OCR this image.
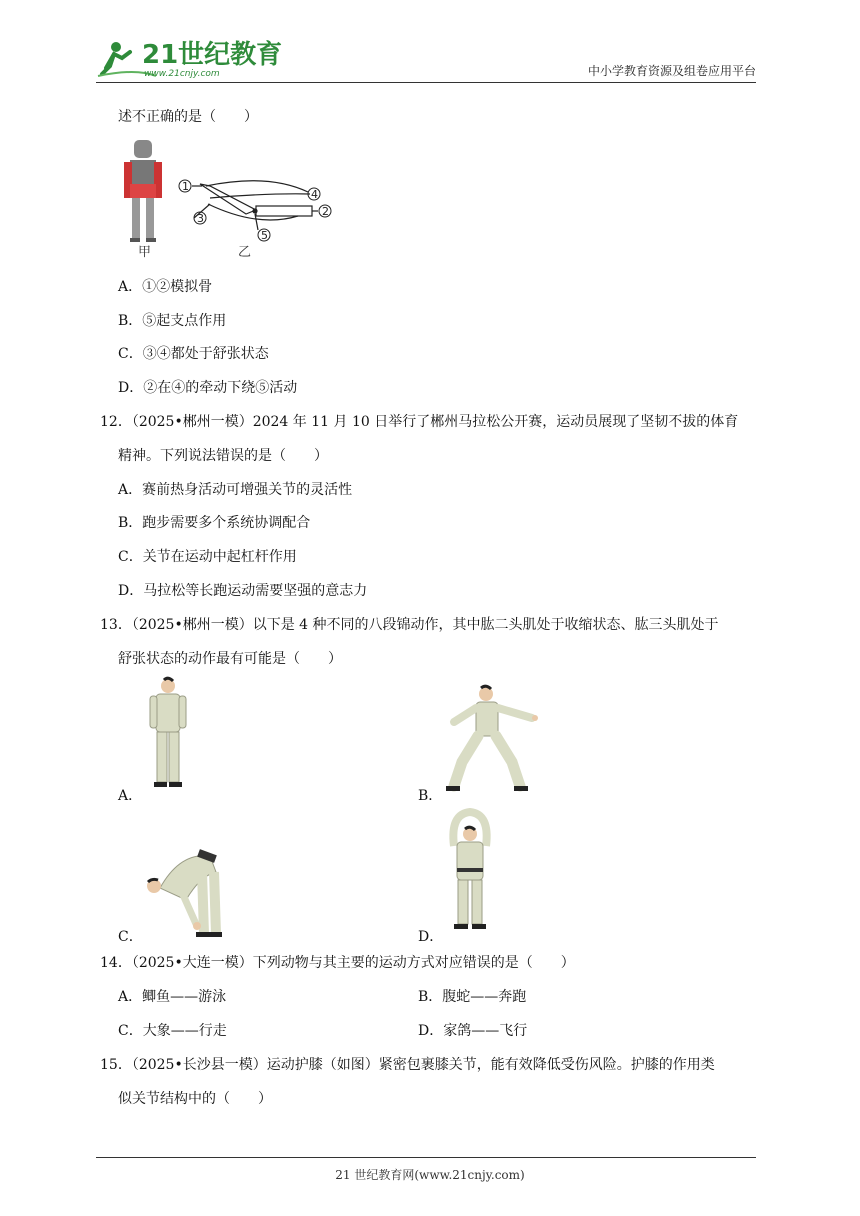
21世纪教育
www.21cnjy.com	中小学教育资源及组卷应用平台
述不正确的是（　　）
甲
1
2
3
4
5
乙
A．①②模拟骨
B．⑤起支点作用
C．③④都处于舒张状态
D．②在④的牵动下绕⑤活动
12．（2025•郴州一模）2024 年 11 月 10 日举行了郴州马拉松公开赛，运动员展现了坚韧不拔的体育
精神。下列说法错误的是（　　）
A．赛前热身活动可增强关节的灵活性
B．跑步需要多个系统协调配合
C．关节在运动中起杠杆作用
D．马拉松等长跑运动需要坚强的意志力
13．（2025•郴州一模）以下是 4 种不同的八段锦动作，其中肱二头肌处于收缩状态、肱三头肌处于
舒张状态的动作最有可能是（　　）
A．	B．
C．	D．
14．（2025•大连一模）下列动物与其主要的运动方式对应错误的是（　　）
A．鲫鱼——游泳	B．腹蛇——奔跑
C．大象——行走	D．家鸽——飞行
15．（2025•长沙县一模）运动护膝（如图）紧密包裹膝关节，能有效降低受伤风险。护膝的作用类
似关节结构中的（　　）
21 世纪教育网(www.21cnjy.com)
